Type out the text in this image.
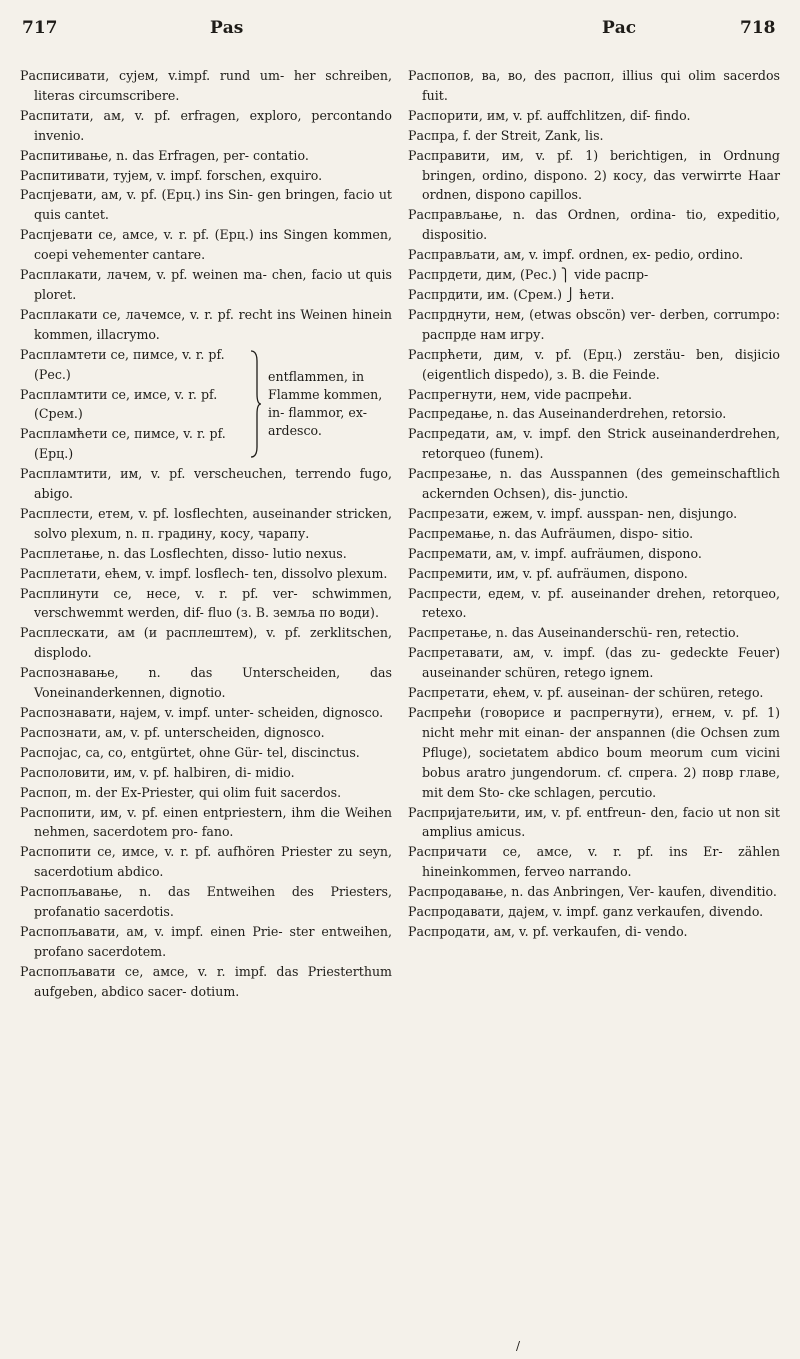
717	Раѕ	Рас	718

Расписивати, сујем, v.impf. rund um- her schreiben, literas circumscribere.

Распитати, ам, v. pf. erfragen, exploro, percontando invenio.

Распитивање, n. das Erfragen, per- contatio.

Распитивати, тујем, v. impf. forschen, exquiro.

Распјевати, ам, v. pf. (Ерц.) ins Sin- gen bringen, facio ut quis cantet.

Распјевати се, амсе, v. r. pf. (Ерц.) ins Singen kommen, coepi vehementer cantare.

Расплакати, лачем, v. pf. weinen ma- chen, facio ut quis ploret.

Расплакати се, лачемсе, v. r. pf. recht ins Weinen hinein kommen, illacrymo.

Распламтети се, пимсе, v. r. pf. (Рес.)

Распламтити се, имсе, v. r. pf. (Срем.)

Распламћети се, пимсе, v. r. pf. (Ерц.)

entflammen, in Flamme kommen, in- flammor, ex- ardesco.

Распламтити, им, v. pf. verscheuchen, terrendo fugo, abigo.

Расплести, етем, v. pf. losflechten, auseinander stricken, solvo plexum, n. п. градину, косу, чарапу.

Расплетање, n. das Losflechten, disso- lutio nexus.

Расплетати, ећем, v. impf. losflech- ten, dissolvo plexum.

Расплинути се, несе, v. r. pf. ver- schwimmen, verschwemmt werden, dif- fluo (з. В. земља по води).

Расплескати, ам (и расплештем), v. pf. zerklitschen, displodo.

Распознавање, n. das Unterscheiden, das Voneinanderkennen, dignotio.

Распознавати, најем, v. impf. unter- scheiden, dignosco.

Распознати, ам, v. pf. unterscheiden, dignosco.

Распојас, са, со, entgürtet, ohne Gür- tel, discinctus.

Располовити, им, v. pf. halbiren, di- midio.

Распоп, m. der Ex-Priester, qui olim fuit sacerdos.

Распопити, им, v. pf. einen entpriestern, ihm die Weihen nehmen, sacerdotem pro- fano.

Распопити се, имсе, v. r. pf. aufhören Priester zu seyn, sacerdotium abdico.

Распопљавање, n. das Entweihen des Priesters, profanatio sacerdotis.

Распопљавати, ам, v. impf. einen Prie- ster entweihen, profano sacerdotem.

Распопљавати се, амсе, v. r. impf. das Priesterthum aufgeben, abdico sacer- dotium.

Распопов, ва, во, des распоп, illius qui olim sacerdos fuit.

Распорити, им, v. pf. auffchlitzen, dif- findo.

Распра, f. der Streit, Zank, lis.

Раcправити, им, v. pf. 1) berichtigen, in Ordnung bringen, ordino, dispono. 2) косу, das verwirrte Haar ordnen, dispono capillos.

Расправљање, n. das Ordnen, ordina- tio, expeditio, dispositio.

Расправљати, ам, v. impf. ordnen, ex- pedio, ordino.

Распрдети, дим, (Рес.) ⎫ vide распр-

Распрдити, им. (Срем.) ⎭ ћети.

Распрднути, нем, (etwas obscön) ver- derben, corrumpo: распрде нам игру.

Распрћети, дим, v. pf. (Ерц.) zerstäu- ben, disjicio (eigentlich dispedo), з. В. die Feinde.

Распрегнути, нем, vide распрећи.

Распредање, n. das Auseinanderdrehen, retorsio.

Распредати, ам, v. impf. den Strick auseinanderdrehen, retorqueo (funem).

Распрезање, n. das Ausspannen (des gemeinschaftlich ackernden Ochsen), dis- junctio.

Распрезати, ежем, v. impf. ausspan- nen, disjungo.

Распремање, n. das Aufräumen, dispo- sitio.

Распремати, ам, v. impf. aufräumen, dispono.

Распремити, им, v. pf. aufräumen, dispono.

Распрести, едем, v. pf. auseinander drehen, retorqueo, retexo.

Распретање, n. das Auseinanderschü- ren, retectio.

Распретавати, ам, v. impf. (das zu- gedeckte Feuer) auseinander schüren, retego ignem.

Распретати, ећем, v. pf. auseinan- der schüren, retego.

Распрећи (говорисе и распрегнути), егнем, v. pf. 1) nicht mehr mit einan- der anspannen (die Ochsen zum Pfluge), societatem abdico boum meorum cum vicini bobus aratro jungendorum. cf. спрега. 2) повр главе, mit dem Sto- cke schlagen, percutio.

Распријатељити, им, v. pf. entfreun- den, facio ut non sit amplius amicus.

Распричати се, амсе, v. r. pf. ins Er- zählen hineinkommen, ferveo narrando.

Распродавање, n. das Anbringen, Ver- kaufen, divenditio.

Распродавати, дајем, v. impf. ganz verkaufen, divendo.

Распродати, ам, v. pf. verkaufen, di- vendo.

/
